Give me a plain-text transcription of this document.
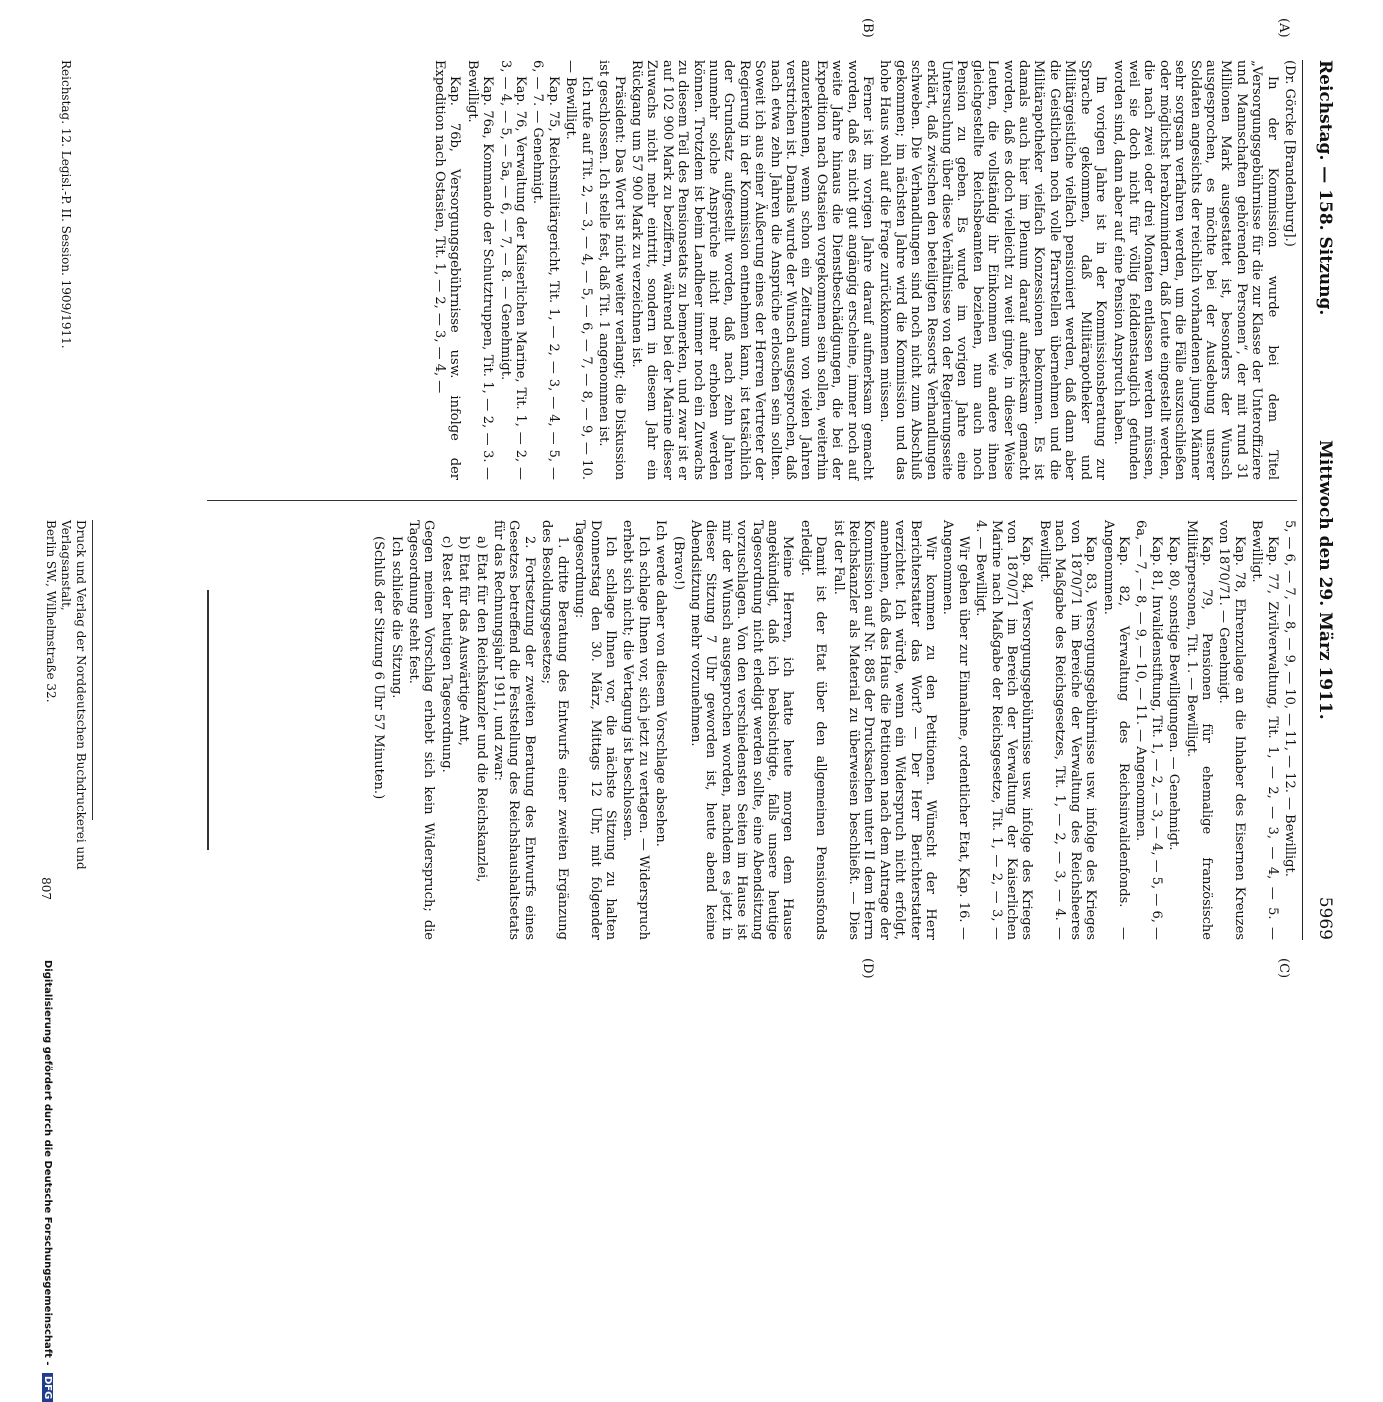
Reichstag. — 158. Sitzung.
Mittwoch den 29. März 1911.
5969
(A)
(B)
(C)
(D)

(Dr. Görcke [Brandenburg].)

In der Kommission wurde bei dem Titel „Versorgungsgebührnisse für die zur Klasse der Unteroffiziere und Mannschaften gehörenden Personen“, der mit rund 31 Millionen Mark ausgestattet ist, besonders der Wunsch ausgesprochen, es möchte bei der Ausdebung unserer Soldaten angesichts der reichlich vorhandenen jungen Männer sehr sorgsam verfahren werden, um die Fälle auszuschließen oder möglichst herabzumindern, daß Leute eingestellt werden, die nach zwei oder drei Monaten entlassen werden müssen, weil sie doch nicht für völlig felddienstauglich gefunden worden sind, dann aber auf eine Pension Anspruch haben.

Im vorigen Jahre ist in der Kommissionsberatung zur Sprache gekommen, daß Militärapotheker und Militärgeistliche vielfach pensioniert werden, daß dann aber die Geistlichen noch volle Pfarrstellen übernehmen und die Militärapotheker vielfach Konzessionen bekommen. Es ist damals auch hier im Plenum darauf aufmerksam gemacht worden, daß es doch vielleicht zu weit ginge, in dieser Weise Leuten, die vollständig ihr Einkommen wie andere ihnen gleichgestellte Reichsbeamten beziehen, nun auch noch Pension zu geben. Es wurde im vorigen Jahre eine Untersuchung über diese Verhältnisse von der Regierungsseite erklärt, daß zwischen den beteiligten Ressorts Verhandlungen schweben. Die Verhandlungen sind noch nicht zum Abschluß gekommen; im nächsten Jahre wird die Kommission und das hohe Haus wohl auf die Frage zurückkommen müssen.

Ferner ist im vorigen Jahre darauf aufmerksam gemacht worden, daß es nicht gut angängig erscheine, immer noch auf weite Jahre hinaus die Dienstbeschädigungen, die bei der Expedition nach Ostasien vorgekommen sein sollen, weiterhin anzuerkennen, wenn schon ein Zeitraum von vielen Jahren verstrichen ist. Damals wurde der Wunsch ausgesprochen, daß nach etwa zehn Jahren die Ansprüche erloschen sein sollten. Soweit ich aus einer Äußerung eines der Herren Vertreter der Regierung in der Kommission entnehmen kann, ist tatsächlich der Grundsatz aufgestellt worden, daß nach zehn Jahren nunmehr solche Ansprüche nicht mehr erhoben werden können. Trotzdem ist beim Landheer immer noch ein Zuwachs zu diesem Teil des Pensionsetats zu bemerken, und zwar ist er auf 102 900 Mark zu beziffern, während bei der Marine dieser Zuwachs nicht mehr eintritt, sondern in diesem Jahr ein Rückgang um 57 900 Mark zu verzeichnen ist.

Präsident: Das Wort ist nicht weiter verlangt; die Diskussion ist geschlossen. Ich stelle fest, daß Tit. 1 angenommen ist.

Ich rufe auf Tit. 2, — 3, — 4, — 5, — 6, — 7, — 8, — 9, — 10. — Bewilligt.

Kap. 75, Reichsmilitärgericht, Tit. 1, — 2, — 3, — 4, — 5, — 6, — 7. — Genehmigt.

Kap. 76, Verwaltung der Kaiserlichen Marine, Tit. 1, — 2, — 3, — 4, — 5, — 5a, — 6, — 7, — 8. — Genehmigt.

Kap. 76a, Kommando der Schutztruppen, Tit. 1, — 2, — 3. — Bewilligt.

Kap. 76b, Versorgungsgebührnisse usw. infolge der Expedition nach Ostasien, Tit. 1, — 2, — 3, — 4, —

5, — 6, — 7, — 8, — 9, — 10, — 11, — 12. — Bewilligt.

Kap. 77, Zivilverwaltung, Tit. 1, — 2, — 3, — 4, — 5. — Bewilligt.

Kap. 78, Ehrenzulage an die Inhaber des Eisernen Kreuzes von 1870/71. — Genehmigt.

Kap. 79, Pensionen für ehemalige französische Militärpersonen, Tit. 1. — Bewilligt.

Kap. 80, sonstige Bewilligungen. — Genehmigt.

Kap. 81, Invalidenstiftung, Tit. 1, — 2, — 3, — 4, — 5, — 6, — 6a, — 7, — 8, — 9, — 10, — 11. — Angenommen.

Kap. 82, Verwaltung des Reichsinvalidenfonds. — Angenommen.

Kap. 83, Versorgungsgebührnisse usw. infolge des Krieges von 1870/71 im Bereiche der Verwaltung des Reichsheeres nach Maßgabe des Reichsgesetzes, Tit. 1, — 2, — 3, — 4. — Bewilligt.

Kap. 84, Versorgungsgebührnisse usw. infolge des Krieges von 1870/71 im Bereich der Verwaltung der Kaiserlichen Marine nach Maßgabe der Reichsgesetze, Tit. 1, — 2, — 3, — 4. — Bewilligt.

Wir gehen über zur Einnahme, ordentlicher Etat, Kap. 16. — Angenommen.

Wir kommen zu den Petitionen. Wünscht der Herr Berichterstatter das Wort? — Der Herr Berichterstatter verzichtet. Ich würde, wenn ein Widerspruch nicht erfolgt, annehmen, daß das Haus die Petitionen nach dem Antrage der Kommission auf Nr. 885 der Drucksachen unter II dem Herrn Reichskanzler als Material zu überweisen beschließt. — Dies ist der Fall.

Damit ist der Etat über den allgemeinen Pensionsfonds erledigt.

Meine Herren, ich hatte heute morgen dem Hause angekündigt, daß ich beabsichtigte, falls unsere heutige Tagesordnung nicht erledigt werden sollte, eine Abendsitzung vorzuschlagen. Von den verschiedensten Seiten im Hause ist mir der Wunsch ausgesprochen worden, nachdem es jetzt in dieser Sitzung 7 Uhr geworden ist, heute abend keine Abendsitzung mehr vorzunehmen.

(Bravo!)

Ich werde daher von diesem Vorschlage absehen.

Ich schlage Ihnen vor, sich jetzt zu vertagen. — Widerspruch erhebt sich nicht; die Vertagung ist beschlossen.

Ich schlage Ihnen vor, die nächste Sitzung zu halten Donnerstag den 30. März, Mittags 12 Uhr, mit folgender Tagesordnung:

1. dritte Beratung des Entwurfs einer zweiten Ergänzung des Besoldungsgesetzes;

2. Fortsetzung der zweiten Beratung des Entwurfs eines Gesetzes betreffend die Feststellung des Reichshaushaltsetats für das Rechnungsjahr 1911, und zwar:

a) Etat für den Reichskanzler und die Reichskanzlei,

b) Etat für das Auswärtige Amt,

c) Rest der heutigen Tagesordnung.

Gegen meinen Vorschlag erhebt sich kein Widerspruch; die Tagesordnung steht fest.

Ich schließe die Sitzung.

(Schluß der Sitzung 6 Uhr 57 Minuten.)

Reichstag. 12. Legisl.-P. II. Session. 1909/1911.
Druck und Verlag der Norddeutschen Buchdruckerei und Verlagsanstalt,
Berlin SW., Wilhelmstraße 32.
807
Digitalisierung gefördert durch die Deutsche Forschungsgemeinschaft - DFG
